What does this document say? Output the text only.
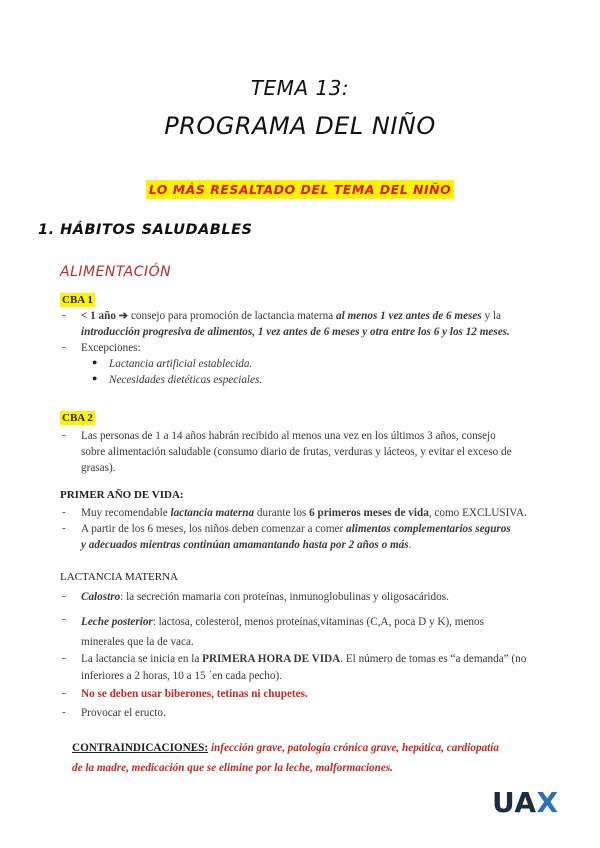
TEMA 13:
PROGRAMA DEL NIÑO
LO MÁS RESALTADO DEL TEMA DEL NIÑO
1. HÁBITOS SALUDABLES
ALIMENTACIÓN
CBA 1
- < 1 año ➔ consejo para promoción de lactancia materna al menos 1 vez antes de 6 meses y la
introducción progresiva de alimentos, 1 vez antes de 6 meses y otra entre los 6 y los 12 meses.
- Excepciones:
● Lactancia artificial establecida.
● Necesidades dietéticas especiales.
CBA 2
- Las personas de 1 a 14 años habrán recibido al menos una vez en los últimos 3 años, consejo
sobre alimentación saludable (consumo diario de frutas, verduras y lácteos, y evitar el exceso de
grasas).
PRIMER AÑO DE VIDA:
- Muy recomendable lactancia materna durante los 6 primeros meses de vida, como EXCLUSIVA.
- A partir de los 6 meses, los niños deben comenzar a comer alimentos complementarios seguros
y adecuados mientras continúan amamantando hasta por 2 años o más.
LACTANCIA MATERNA
- Calostro: la secreción mamaria con proteínas, inmunoglobulinas y oligosacáridos.
- Leche posterior: lactosa, colesterol, menos proteínas,vitaminas (C,A, poca D y K), menos
minerales que la de vaca.
- La lactancia se inicia en la PRIMERA HORA DE VIDA. El número de tomas es “a demanda” (no
inferiores a 2 horas, 10 a 15 ´en cada pecho).
- No se deben usar biberones, tetinas ni chupetes.
- Provocar el eructo.
CONTRAINDICACIONES: infección grave, patología crónica grave, hepática, cardiopatía
de la madre, medicación que se elimine por la leche, malformaciones.
UAX
